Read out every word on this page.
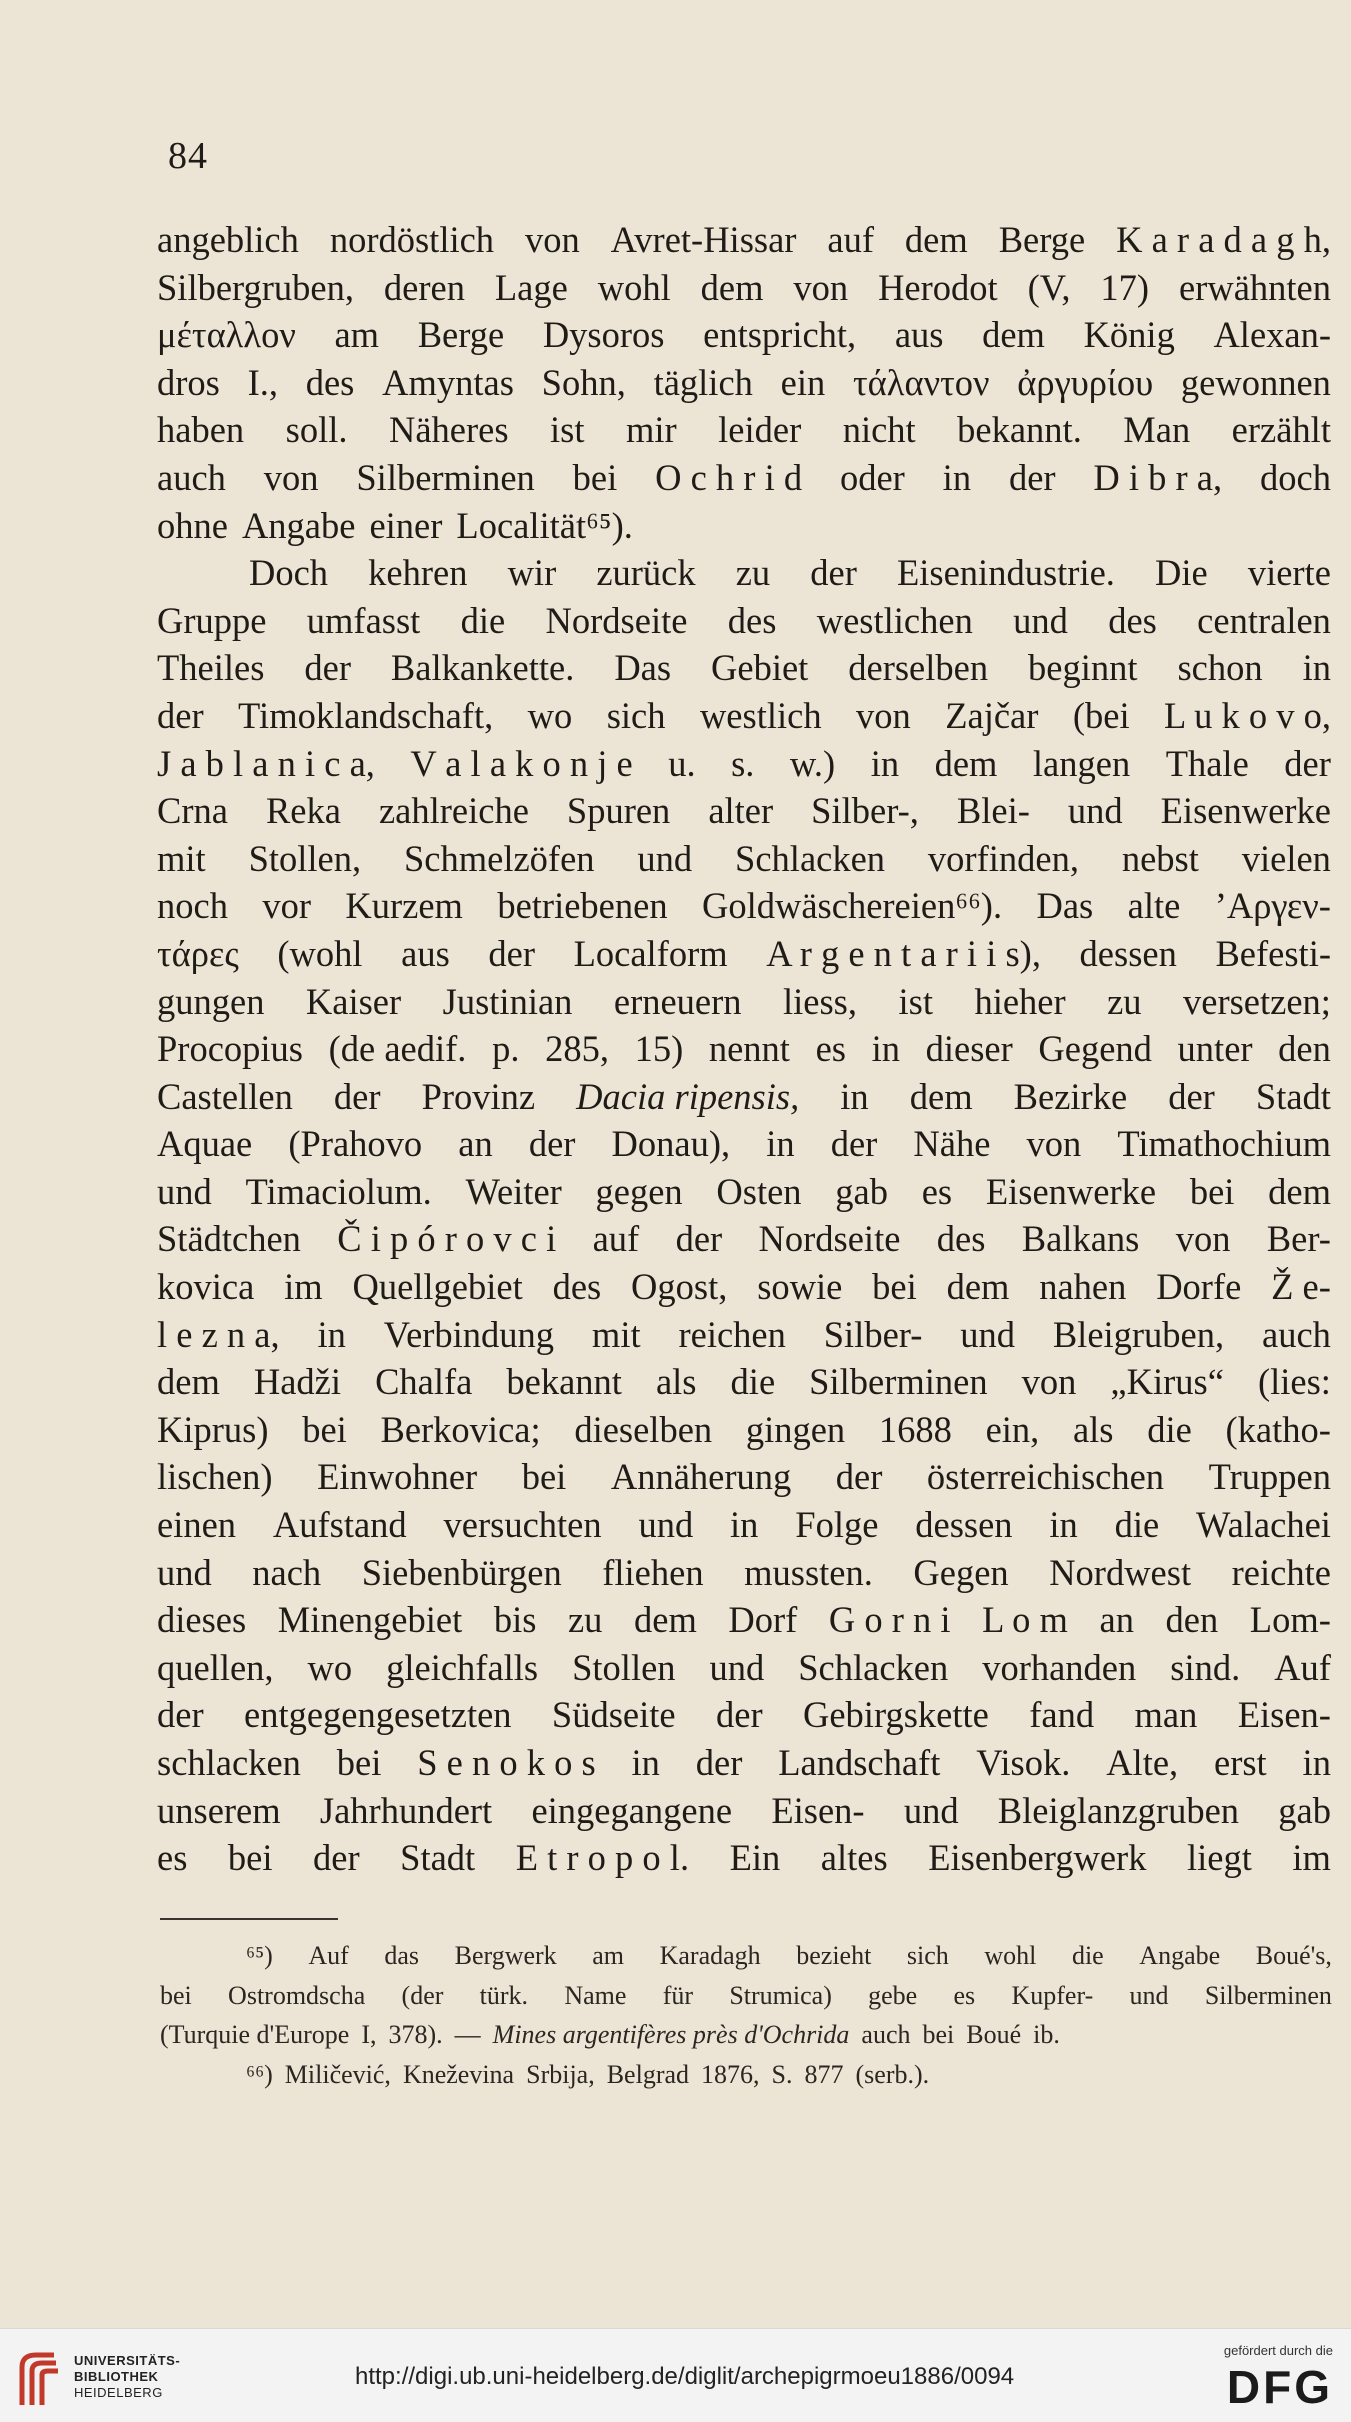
84
angeblich nordöstlich von Avret-Hissar auf dem Berge K a r a d a g h,
Silbergruben, deren Lage wohl dem von Herodot (V, 17) erwähnten
μέταλλον am Berge Dysoros entspricht, aus dem König Alexan-
dros I., des Amyntas Sohn, täglich ein τάλαντον ἀργυρίου gewonnen
haben soll. Näheres ist mir leider nicht bekannt. Man erzählt
auch von Silberminen bei O c h r i d oder in der D i b r a, doch
ohne Angabe einer Localität⁶⁵).
Doch kehren wir zurück zu der Eisenindustrie. Die vierte
Gruppe umfasst die Nordseite des westlichen und des centralen
Theiles der Balkankette. Das Gebiet derselben beginnt schon in
der Timoklandschaft, wo sich westlich von Zajčar (bei L u k o v o,
J a b l a n i c a, V a l a k o n j e u. s. w.) in dem langen Thale der
Crna Reka zahlreiche Spuren alter Silber-, Blei- und Eisenwerke
mit Stollen, Schmelzöfen und Schlacken vorfinden, nebst vielen
noch vor Kurzem betriebenen Goldwäschereien⁶⁶). Das alte ʼΑργεν-
τάρες (wohl aus der Localform A r g e n t a r i i s), dessen Befesti-
gungen Kaiser Justinian erneuern liess, ist hieher zu versetzen;
Procopius (de aedif. p. 285, 15) nennt es in dieser Gegend unter den
Castellen der Provinz Dacia ripensis, in dem Bezirke der Stadt
Aquae (Prahovo an der Donau), in der Nähe von Timathochium
und Timaciolum. Weiter gegen Osten gab es Eisenwerke bei dem
Städtchen Č i p ó r o v c i auf der Nordseite des Balkans von Ber-
kovica im Quellgebiet des Ogost, sowie bei dem nahen Dorfe Ž e-
l e z n a, in Verbindung mit reichen Silber- und Bleigruben, auch
dem Hadži Chalfa bekannt als die Silberminen von „Kirus“ (lies:
Kiprus) bei Berkovica; dieselben gingen 1688 ein, als die (katho-
lischen) Einwohner bei Annäherung der österreichischen Truppen
einen Aufstand versuchten und in Folge dessen in die Walachei
und nach Siebenbürgen fliehen mussten. Gegen Nordwest reichte
dieses Minengebiet bis zu dem Dorf G o r n i L o m an den Lom-
quellen, wo gleichfalls Stollen und Schlacken vorhanden sind. Auf
der entgegengesetzten Südseite der Gebirgskette fand man Eisen-
schlacken bei S e n o k o s in der Landschaft Visok. Alte, erst in
unserem Jahrhundert eingegangene Eisen- und Bleiglanzgruben gab
es bei der Stadt E t r o p o l. Ein altes Eisenbergwerk liegt im
⁶⁵) Auf das Bergwerk am Karadagh bezieht sich wohl die Angabe Boué's,
bei Ostromdscha (der türk. Name für Strumica) gebe es Kupfer- und Silberminen
(Turquie d'Europe I, 378). — Mines argentifères près d'Ochrida auch bei Boué ib.
⁶⁶) Miličević, Kneževina Srbija, Belgrad 1876, S. 877 (serb.).
UNIVERSITÄTS-
BIBLIOTHEK
HEIDELBERG
http://digi.ub.uni-heidelberg.de/diglit/archepigrmoeu1886/0094
gefördert durch die
DFG
